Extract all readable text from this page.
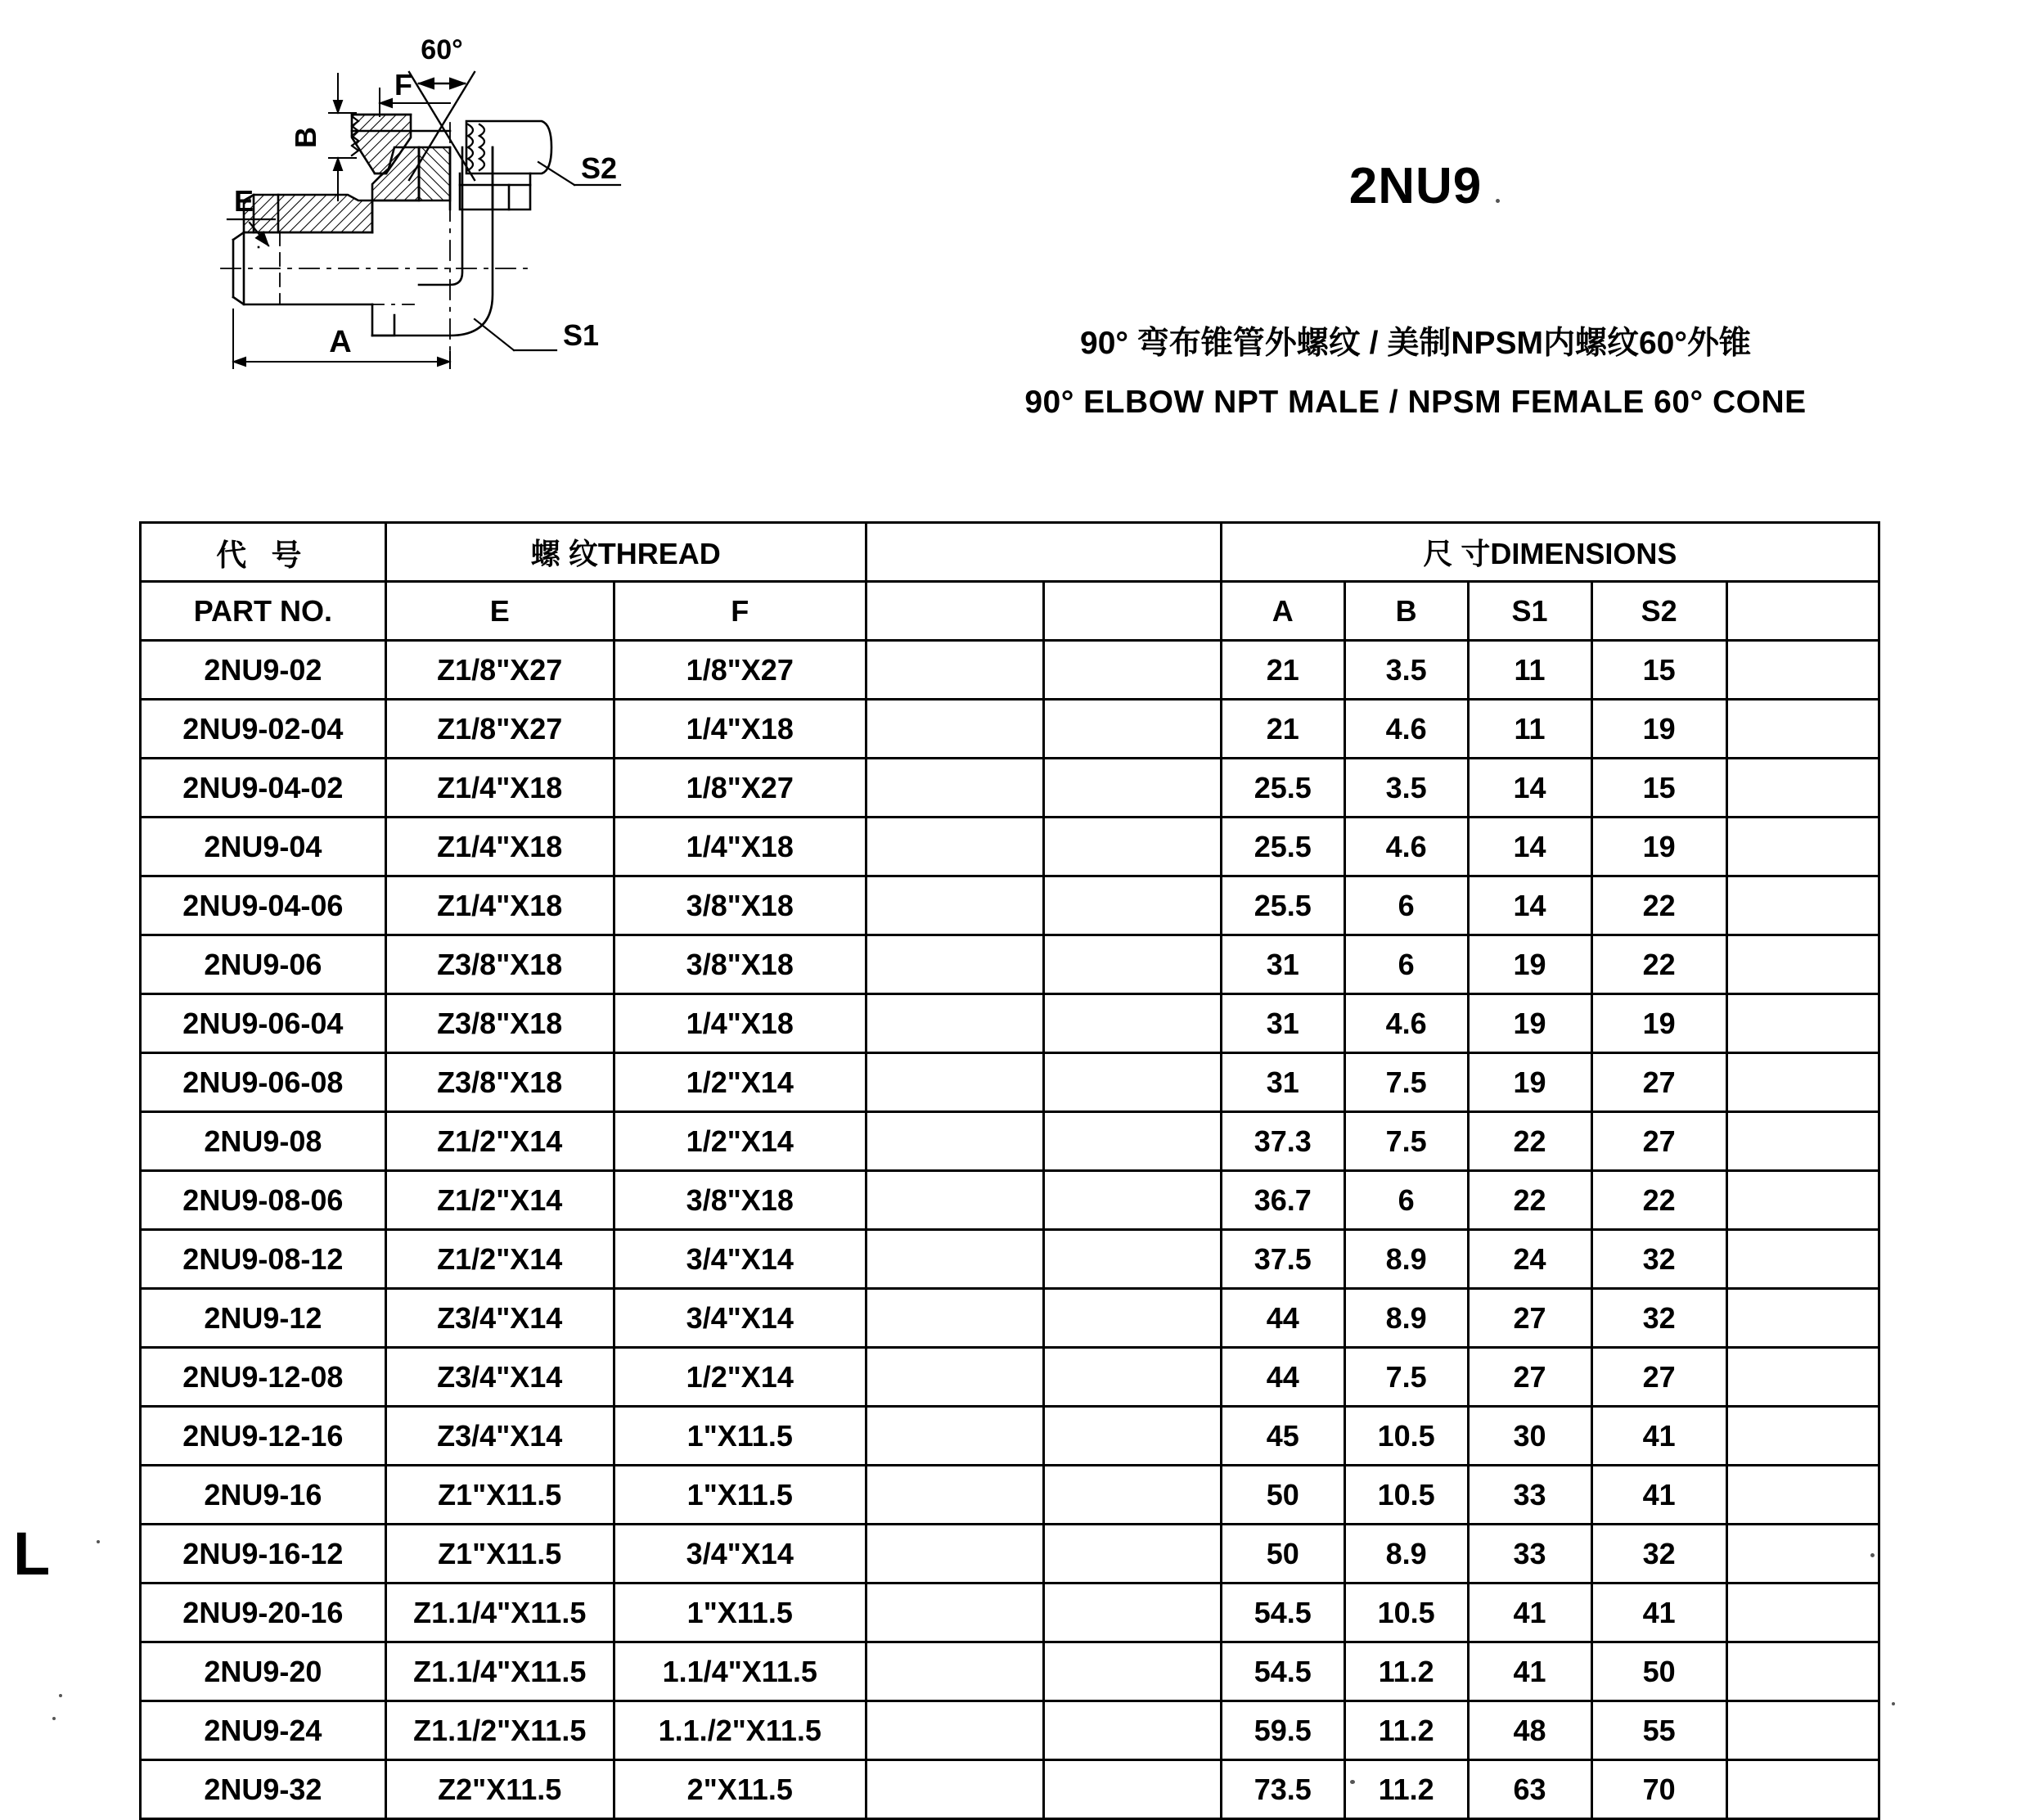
60°
F
B
E
A	S1
S2	2NU9
90° 弯布锥管外螺纹 / 美制NPSM内螺纹60°外锥
90° ELBOW NPT MALE / NPSM FEMALE 60° CONE
代 号	螺 纹THREAD				尺 寸DIMENSIONS				
PART NO.	E	F			A	B	S1	S2	
2NU9-02	Z1/8"X27	1/8"X27			21	3.5	11	15	
2NU9-02-04	Z1/8"X27	1/4"X18			21	4.6	11	19	
2NU9-04-02	Z1/4"X18	1/8"X27			25.5	3.5	14	15	
2NU9-04	Z1/4"X18	1/4"X18			25.5	4.6	14	19	
2NU9-04-06	Z1/4"X18	3/8"X18			25.5	6	14	22	
2NU9-06	Z3/8"X18	3/8"X18			31	6	19	22	
2NU9-06-04	Z3/8"X18	1/4"X18			31	4.6	19	19	
2NU9-06-08	Z3/8"X18	1/2"X14			31	7.5	19	27	
2NU9-08	Z1/2"X14	1/2"X14			37.3	7.5	22	27	
2NU9-08-06	Z1/2"X14	3/8"X18			36.7	6	22	22	
2NU9-08-12	Z1/2"X14	3/4"X14			37.5	8.9	24	32	
2NU9-12	Z3/4"X14	3/4"X14			44	8.9	27	32	
2NU9-12-08	Z3/4"X14	1/2"X14			44	7.5	27	27	
2NU9-12-16	Z3/4"X14	1"X11.5			45	10.5	30	41	
2NU9-16	Z1"X11.5	1"X11.5			50	10.5	33	41	
2NU9-16-12	Z1"X11.5	3/4"X14			50	8.9	33	32	
2NU9-20-16	Z1.1/4"X11.5	1"X11.5			54.5	10.5	41	41	
2NU9-20	Z1.1/4"X11.5	1.1/4"X11.5			54.5	11.2	41	50	
2NU9-24	Z1.1/2"X11.5	1.1./2"X11.5			59.5	11.2	48	55	
2NU9-32	Z2"X11.5	2"X11.5			73.5	11.2	63	70	
L
